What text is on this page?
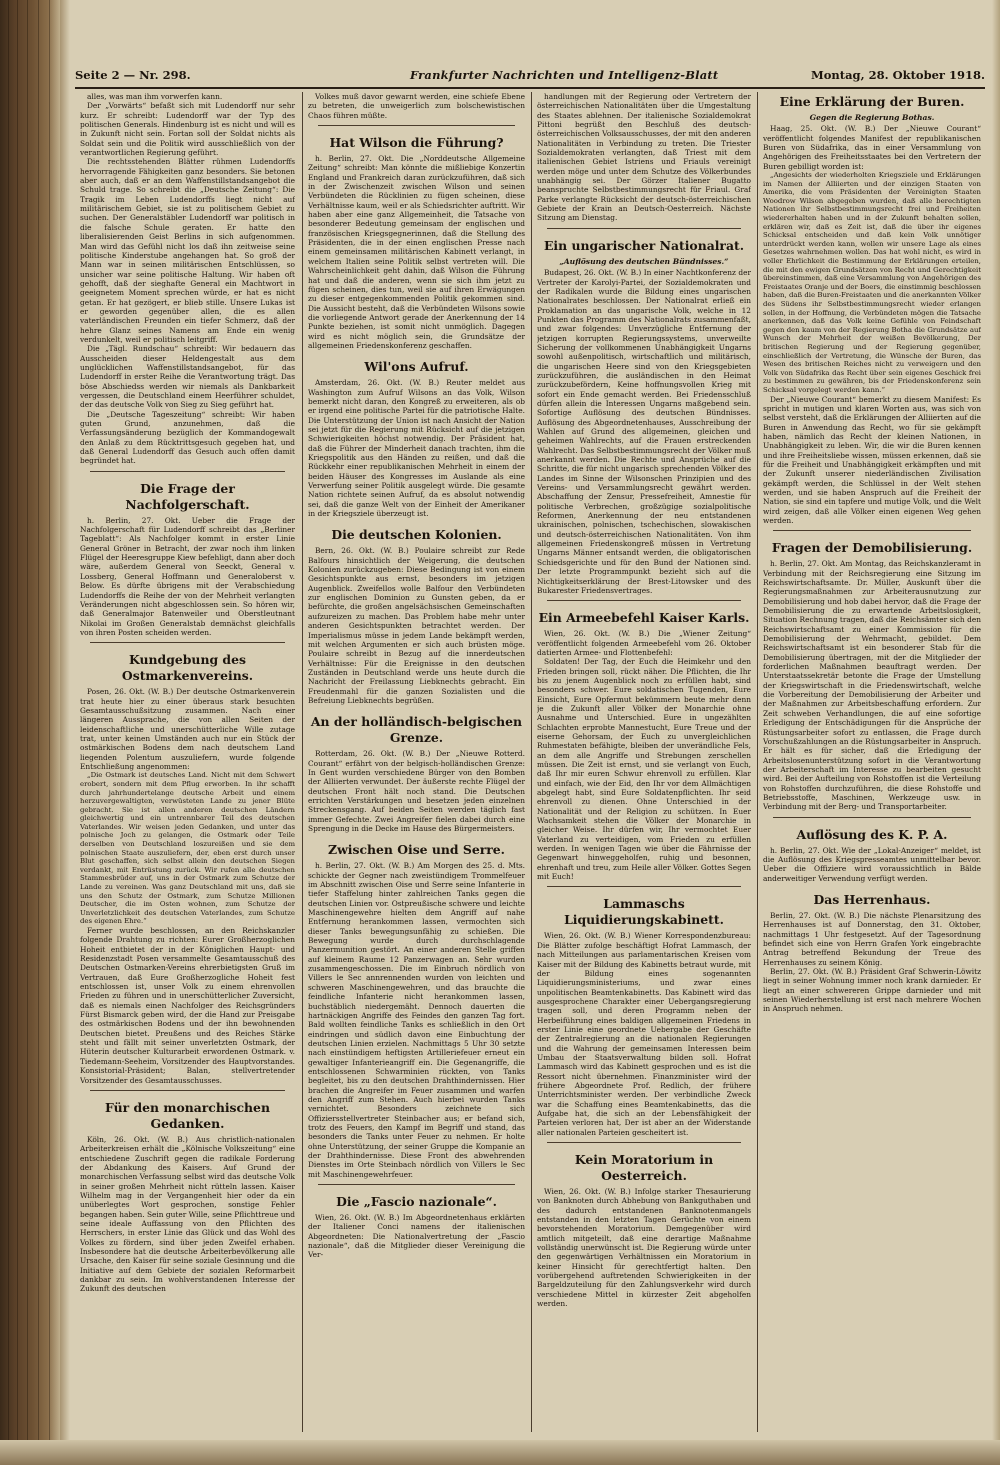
Seite 2 — Nr. 298.	Frankfurter Nachrichten und Intelligenz-Blatt	Montag, 28. Oktober 1918.

alles, was man ihm vorwerfen kann.

Der „Vorwärts“ befaßt sich mit Ludendorff nur sehr kurz. Er schreibt: Ludendorff war der Typ des politischen Generals. Hindenburg ist es nicht und will es in Zukunft nicht sein. Fortan soll der Soldat nichts als Soldat sein und die Politik wird ausschließlich von der verantwortlichen Regierung geführt.

Die rechtsstehenden Blätter rühmen Ludendorffs hervorragende Fähigkeiten ganz besonders. Sie betonen aber auch, daß er an dem Waffenstillstandsangebot die Schuld trage. So schreibt die „Deutsche Zeitung“: Die Tragik im Leben Ludendorffs liegt nicht auf militärischem Gebiet, sie ist zu politischem Gebiet zu suchen. Der Generalstäbler Ludendorff war politisch in die falsche Schule geraten. Er hatte den liberalisierenden Geist Berlins in sich aufgenommen. Man wird das Gefühl nicht los daß ihn zeitweise seine politische Kinderstube angehangen hat. So groß der Mann war in seinen militärischen Entschlüssen, so unsicher war seine politische Haltung. Wir haben oft gehofft, daß der sieghafte General ein Machtwort in geeignetem Moment sprechen würde, er hat es nicht getan. Er hat gezögert, er blieb stille. Unsere Lukas ist er geworden gegenüber allen, die es allen vaterländischen Freunden ein tiefer Schmerz, daß der hehre Glanz seines Namens am Ende ein wenig verdunkelt, weil er politisch leitgriff.

Die „Tägl. Rundschau“ schreibt: Wir bedauern das Ausscheiden dieser Heldengestalt aus dem unglücklichen Waffenstillstandsangebot, für das Ludendorff in erster Reihe die Verantwortung trägt. Das böse Abschiedss werden wir niemals als Dankbarkeit vergessen, die Deutschland einem Heerführer schuldet, der das deutsche Volk von Sieg zu Sieg geführt hat.

Die „Deutsche Tageszeitung“ schreibt: Wir haben guten Grund, anzunehmen, daß die Verfassungsänderung bezüglich der Kommandogewalt den Anlaß zu dem Rücktrittsgesuch gegeben hat, und daß General Ludendorff das Gesuch auch offen damit begründet hat.

Die Frage der Nachfolgerschaft.

h. Berlin, 27. Okt. Ueber die Frage der Nachfolgerschaft für Ludendorff schreibt das „Berliner Tageblatt“: Als Nachfolger kommt in erster Linie General Gröner in Betracht, der zwar noch ihm linken Flügel der Heeresgruppe Kiew befehligt, dann aber doch wäre, außerdem General von Seeckt, General v. Lossberg, General Hoffmann und Generaloberst v. Below. Es dürfte übrigens mit der Verabschiedung Ludendorffs die Reihe der von der Mehrheit verlangten Veränderungen nicht abgeschlossen sein. So hören wir, daß Generalmajor Batenweiler und Oberstleutnant Nikolai im Großen Generalstab demnächst gleichfalls von ihren Posten scheiden werden.

Kundgebung des Ostmarkenvereins.

Posen, 26. Okt. (W. B.) Der deutsche Ostmarkenverein trat heute hier zu einer überaus stark besuchten Gesamtausschußsitzung zusammen. Nach einer längeren Aussprache, die von allen Seiten der leidenschaftliche und unerschütterliche Wille zutage trat, unter keinen Umständen auch nur ein Stück der ostmärkischen Bodens dem nach deutschem Land liegenden Polentum auszuliefern, wurde folgende Entschließung angenommen:

„Die Ostmark ist deutsches Land. Nicht mit dem Schwert erobert, sondern mit dem Pflug erworben. In ihr schafft durch jahrhundertelange deutsche Arbeit und einem herzuvergewaltigten, verwüsteten Lande zu jener Blüte gebracht. Sie ist allen anderen deutschen Ländern gleichwertig und ein untrennbarer Teil des deutschen Vaterlandes. Wir weisen jeden Gedanken, und unter das polnische Joch zu gelangen, die Ostmark oder Teile derselben von Deutschland loszureißen und sie dem polnischen Staate auszuliefern, der, eben erst durch unser Blut geschaffen, sich selbst allein den deutschen Siegen verdankt, mit Entrüstung zurück. Wir rufen alle deutschen Stammesbrüder auf, uns in der Ostmark zum Schutze der Lande zu vereinen. Was ganz Deutschland mit uns, daß sie uns den Schutz der Ostmark, zum Schutze Millionen Deutscher, die im Osten wohnen, zum Schutze der Unverletzlichkeit des deutschen Vaterlandes, zum Schutze des eigenen Ehre.“

Ferner wurde beschlossen, an den Reichskanzler folgende Drahtung zu richten: Eurer Großherzoglichen Hoheit entbietet der in der Königlichen Haupt- und Residenzstadt Posen versammelte Gesamtausschuß des Deutschen Ostmarken-Vereins ehrerbietigsten Gruß im Vertrauen, daß Eure Großherzogliche Hoheit fest entschlossen ist, unser Volk zu einem ehrenvollen Frieden zu führen und in unerschütterlicher Zuversicht, daß es niemals einen Nachfolger des Reichsgründers Fürst Bismarck geben wird, der die Hand zur Preisgabe des ostmärkischen Bodens und der ihn bewohnenden Deutschen bietet. Preußens und des Reiches Stärke steht und fällt mit seiner unverletzten Ostmark, der Hüterin deutscher Kulturarbeit erwordenen Ostmark. v. Tiedemann-Seeheim, Vorsitzender des Hauptvorstandes. Konsistorial-Präsident; Balan, stellvertretender Vorsitzender des Gesamtausschusses.

Für den monarchischen Gedanken.

Köln, 26. Okt. (W. B.) Aus christlich-nationalen Arbeiterkreisen erhält die „Kölnische Volkszeitung“ eine entschiedene Zuschrift gegen die radikale Forderung der Abdankung des Kaisers. Auf Grund der monarchischen Verfassung selbst wird das deutsche Volk in seiner großen Mehrheit nicht rütteln lassen. Kaiser Wilhelm mag in der Vergangenheit hier oder da ein unüberlegtes Wort gesprochen, sonstige Fehler begangen haben. Sein guter Wille, seine Pflichttreue und seine ideale Auffassung von den Pflichten des Herrschers, in erster Linie das Glück und das Wohl des Volkes zu fördern, sind über jeden Zweifel erhaben. Insbesondere hat die deutsche Arbeiterbevölkerung alle Ursache, den Kaiser für seine soziale Gesinnung und die Initiative auf dem Gebiete der sozialen Reformarbeit dankbar zu sein. Im wohlverstandenen Interesse der Zukunft des deutschen

Volkes muß davor gewarnt werden, eine schiefe Ebene zu betreten, die unweigerlich zum bolschewistischen Chaos führen müßte.

Hat Wilson die Führung?

h. Berlin, 27. Okt. Die „Norddeutsche Allgemeine Zeitung“ schreibt: Man könnte die mißliebige Konzertin England und Frankreich daran zurückzuführen, daß sich in der Zwischenzeit zwischen Wilson und seinen Verbündeten die Rücklinien zu fügen scheinen, diese Verhältnisse kaum, weil er als Schiedsrichter auftritt. Wir haben aber eine ganz Allgemeinheit, die Tatsache von besonderer Bedeutung gemeinsam der englischen und französischen Kriegsgegnerinnen, daß die Stellung des Präsidenten, die in der einen englischen Presse nach einem gemeinsamen militärischen Kabinett verlangt, in welchem Italien seine Politik selbst vertreten will. Die Wahrscheinlichkeit geht dahin, daß Wilson die Führung hat und daß die anderen, wenn sie sich ihm jetzt zu fügen scheinen, dies tun, weil sie auf ihren Erwägungen zu dieser entgegenkommenden Politik gekommen sind. Die Aussicht besteht, daß die Verbündeten Wilsons sowie die vorliegende Antwort gerade der Anerkennung der 14 Punkte beziehen, ist somit nicht unmöglich. Dagegen wird es nicht möglich sein, die Grundsätze der allgemeinen Friedenskonferenz geschaffen.

Wil'ons Aufruf.

Amsterdam, 26. Okt. (W. B.) Reuter meldet aus Washington zum Aufruf Wilsons an das Volk, Wilson bemerkt nicht daran, den Kongreß zu erweiteren, als ob er irgend eine politische Partei für die patriotische Halte. Die Unterstützung der Union ist nach Ansicht der Nation sei jetzt für die Regierung mit Rücksicht auf die jetzigen Schwierigkeiten höchst notwendig. Der Präsident hat, daß die Führer der Minderheit danach trachten, ihm die Kriegspolitik aus den Händen zu reißen, und daß die Rückkehr einer republikanischen Mehrheit in einem der beiden Häuser des Kongresses im Auslande als eine Verwerfung seiner Politik ausgelegt würde. Die gesamte Nation richtete seinen Aufruf, da es absolut notwendig sei, daß die ganze Welt von der Einheit der Amerikaner in der Kriegsziele überzeugt ist.

Die deutschen Kolonien.

Bern, 26. Okt. (W. B.) Poulaire schreibt zur Rede Balfours hinsichtlich der Weigerung, die deutschen Kolonien zurückzugeben: Diese Bedingung ist von einem Gesichtspunkte aus ernst, besonders im jetzigen Augenblick. Zweifellos wolle Balfour den Verbündeten zur englischen Dominion zu Gunsten geben, da er befürchte, die großen angelsächsischen Gemeinschaften aufzureizen zu machen. Das Problem habe mehr unter anderen Gesichtspunkten betrachtet werden. Der Imperialismus müsse in jedem Lande bekämpft werden, mit welchen Argumenten er sich auch brüsten möge. Poulaire schreibt in Bezug auf die innerdeutschen Verhältnisse: Für die Ereignisse in den deutschen Zuständen in Deutschland werde uns heute durch die Nachricht der Freilassung Liebknechts gebracht. Ein Freudenmahl für die ganzen Sozialisten und die Befreiung Liebknechts begrüßen.

An der holländisch-belgischen Grenze.

Rotterdam, 26. Okt. (W. B.) Der „Nieuwe Rotterd. Courant“ erfährt von der belgisch-holländischen Grenze: In Gent wurden verschiedene Bürger von den Bomben der Alliierten verwundet. Der äußerste rechte Flügel der deutschen Front hält noch stand. Die Deutschen errichten Verstärkungen und besetzen jeden einzelnen Streckensgang. Auf beiden Seiten werden täglich fast immer Gefechte. Zwei Angreifer fielen dabei durch eine Sprengung in die Decke im Hause des Bürgermeisters.

Zwischen Oise und Serre.

h. Berlin, 27. Okt. (W. B.) Am Morgen des 25. d. Mts. schickte der Gegner nach zweistündigem Trommelfeuer im Abschnitt zwischen Oise und Serre seine Infanterie in tiefer Staffelung hinter zahlreichen Tanks gegen die deutschen Linien vor. Ostpreußische schwere und leichte Maschinengewehre hielten dem Angriff auf nahe Entfernung herankommen lassen, vermochten sich dieser Tanks bewegungsunfähig zu schießen. Die Bewegung wurde durch durchschlagende Panzermunition gestört. An einer anderen Stelle griffen auf kleinem Raume 12 Panzerwagen an. Sehr wurden zusammengeschossen. Die im Einbruch nördlich von Villers le Sec annrennenden wurden von leichten und schweren Maschinengewehren, und das brauchte die feindliche Infanterie nicht herankommen lassen, buchstäblich niedergemäht. Dennoch dauerten die hartnäckigen Angriffe des Feindes den ganzen Tag fort. Bald wollten feindliche Tanks es schließlich in den Ort eindringen und südlich davon eine Einbuchtung der deutschen Linien erzielen. Nachmittags 5 Uhr 30 setzte nach einstündigem heftigsten Artilleriefeuer erneut ein gewaltiger Infanterieangriff ein. Die Gegenangriffe, die entschlossenen Schwarminien rückten, von Tanks begleitet, bis zu den deutschen Drahthindernissen. Hier brachen die Angreifer im Feuer zusammen und warfen den Angriff zum Stehen. Auch hierbei wurden Tanks vernichtet. Besonders zeichnete sich Offiziersstellvertreter Steinbacher aus; er befand sich, trotz des Feuers, den Kampf im Begriff und stand, das besonders die Tanks unter Feuer zu nehmen. Er holte ohne Unterstützung, der seiner Gruppe die Kompanie an der Drahthindernisse. Diese Front des abwehrenden Dienstes im Orte Steinbach nördlich von Villers le Sec mit Maschinengewehrfeuer.

Die „Fascio nazionale“.

Wien, 26. Okt. (W. B.) Im Abgeordnetenhaus erklärten der Italiener Conci namens der italienischen Abgeordneten: Die Nationalvertretung der „Fascio nazionale“, daß die Mitglieder dieser Vereinigung die Ver-

handlungen mit der Regierung oder Vertretern der österreichischen Nationalitäten über die Umgestaltung des Staates ablehnen. Der italienische Sozialdemokrat Pittoni begrüßt den Beschluß des deutsch-österreichischen Volksausschusses, der mit den anderen Nationalitäten in Verbindung zu treten. Die Triester Sozialdemokraten verlangten, daß Triest mit dem italienischen Gebiet Istriens und Friauls vereinigt werden möge und unter dem Schutze des Völkerbundes unabhängig sei. Der Görzer Italiener Bugatto beanspruchte Selbstbestimmungsrecht für Friaul. Graf Parke verlangte Rücksicht der deutsch-österreichischen Gebiete der Krain an Deutsch-Oesterreich. Nächste Sitzung am Dienstag.

Ein ungarischer Nationalrat.
„Auflösung des deutschen Bündnisses.“

Budapest, 26. Okt. (W. B.) In einer Nachtkonferenz der Vertreter der Karolyi-Partei, der Sozialdemokraten und der Radikalen wurde die Bildung eines ungarischen Nationalrates beschlossen. Der Nationalrat erließ ein Proklamation an das ungarische Volk, welche in 12 Punkten das Programm des Nationalrats zusammenfaßt, und zwar folgendes: Unverzügliche Entfernung der jetzigen korrupten Regierungssystems, unverweilte Sicherung der vollkommenen Unabhängigkeit Ungarns sowohl außenpolitisch, wirtschaftlich und militärisch, die ungarischen Heere sind von den Kriegsgebieten zurückzuführen, die ausländischen in den Heimat zurückzubefördern, Keine hoffnungsvollen Krieg mit sofort ein Ende gemacht werden. Bei Friedensschluß dürfen allein die Interessen Ungarns maßgebend sein. Sofortige Auflösung des deutschen Bündnisses. Auflösung des Abgeordnetenhauses, Ausschreibung der Wahlen auf Grund des allgemeinen, gleichen und geheimen Wahlrechts, auf die Frauen erstreckenden Wahlrecht. Das Selbstbestimmungsrecht der Völker muß anerkannt werden. Die Rechte und Ansprüche auf die Schritte, die für nicht ungarisch sprechenden Völker des Landes im Sinne der Wilsonschen Prinzipien und des Vereins- und Versammlungsrecht gewährt werden. Abschaffung der Zensur, Pressefreiheit, Amnestie für politische Verbrechen, großzügige sozialpolitische Reformen, Anerkennung der neu entstandenen ukrainischen, polnischen, tschechischen, slowakischen und deutsch-österreichischen Nationalitäten. Von ihm allgemeinen Friedenskongreß müssen in Vertretung Ungarns Männer entsandt werden, die obligatorischen Schiedsgerichte und für den Bund der Nationen sind. Der letzte Programmpunkt bezieht sich auf die Nichtigkeitserklärung der Brest-Litowsker und des Bukarester Friedensvertrages.

Ein Armeebefehl Kaiser Karls.

Wien, 26. Okt. (W. B.) Die „Wiener Zeitung“ veröffentlicht folgenden Armeebefehl vom 26. Oktober datierten Armee- und Flottenbefehl:

Soldaten! Der Tag, der Euch die Heimkehr und den Frieden bringen soll, rückt näher. Die Pflichten, die Ihr bis zu jenem Augenblick noch zu erfüllen habt, sind besonders schwer. Eure soldatischen Tugenden, Eure Einsicht, Eure Opfermut bekümmern beute mehr denn je die Zukunft aller Völker der Monarchie ohne Ausnahme und Unterschied. Eure in ungezählten Schlachten erprobte Mannestucht, Eure Treue und der eiserne Gehorsam, der Euch zu unvergleichlichen Ruhmestaten befähigte, bleiben der unverändliche Fels, an dem alle Angriffe und Strebungen zerschellen müssen. Die Zeit ist ernst, und sie verlangt von Euch, daß Ihr mir euren Schwur ehrenvoll zu erfüllen. Klar und einfach, wie der Eid, den Ihr vor dem Allmächtigen abgelegt habt, sind Eure Soldatenpflichten. Ihr seid ehrenvoll zu dienen. Ohne Unterschied in der Nationalität und der Religion zu schützen. In Euer Wachsamkeit stehen die Völker der Monarchie in gleicher Weise. Ihr dürfen wir, Ihr vermochtet Euer Vaterland zu verteidigen, vom Frieden zu erfüllen werden. In wenigen Tagen wie über die Fährnisse der Gegenwart hinweggeholfen, ruhig und besonnen, ehrenhaft und treu, zum Heile aller Völker. Gottes Segen mit Euch!

Lammaschs Liquidierungskabinett.

Wien, 26. Okt. (W. B.) Wiener Korrespondenzbureau: Die Blätter zufolge beschäftigt Hofrat Lammasch, der nach Mitteilungen aus parlamentarischen Kreisen vom Kaiser mit der Bildung des Kabinetts betraut wurde, mit der Bildung eines sogenannten Liquidierungsministeriums, und zwar eines unpolitischen Beamtenkabinetts. Das Kabinett wird das ausgesprochene Charakter einer Uebergangsregierung tragen soll, und deren Programm neben der Herbeiführung eines baldigen allgemeinen Friedens in erster Linie eine geordnete Uebergabe der Geschäfte der Zentralregierung an die nationalen Regierungen und die Wahrung der gemeinsamen Interessen beim Umbau der Staatsverwaltung bilden soll. Hofrat Lammasch wird das Kabinett gesprochen und es ist die Ressort nicht übernehmen. Finanzminister wird der frühere Abgeordnete Prof. Redlich, der frühere Unterrichtsminister werden. Der verbindliche Zweck war die Schaffung eines Beamtenkabinetts, das die Aufgabe hat, die sich an der Lebensfähigkeit der Parteien verloren hat, Der ist aber an der Widerstande aller nationalen Parteien gescheitert ist.

Kein Moratorium in Oesterreich.

Wien, 26. Okt. (W. B.) Infolge starker Thesaurierung von Banknoten durch Abhebung von Bankguthaben und des dadurch entstandenen Banknotenmangels entstanden in den letzten Tagen Gerüchte von einem bevorstehenden Moratorium. Demgegenüber wird amtlich mitgeteilt, daß eine derartige Maßnahme vollständig unerwünscht ist. Die Regierung würde unter den gegenwärtigen Verhältnissen ein Moratorium in keiner Hinsicht für gerechtfertigt halten. Den vorübergehend auftretenden Schwierigkeiten in der Bargeldzuteilung für den Zahlungsverkehr wird durch verschiedene Mittel in kürzester Zeit abgeholfen werden.

Eine Erklärung der Buren.
Gegen die Regierung Bothas.

Haag, 25. Okt. (W. B.) Der „Nieuwe Courant“ veröffentlicht folgendes Manifest der republikanischen Buren von Südafrika, das in einer Versammlung von Angehörigen des Freiheitsstaates bei den Vertretern der Buren gebilligt worden ist:

„Angesichts der wiederholten Kriegsziele und Erklärungen im Namen der Alliierten und der einzigen Staaten von Amerika, die vom Präsidenten der Vereinigten Staaten Woodrow Wilson abgegeben wurden, daß alle berechtigten Nationen ihr Selbstbestimmungsrecht frei und Freiheiten wiedererhalten haben und in der Zukunft behalten sollen, erklären wir, daß es Zeit ist, daß die über ihr eigenes Schicksal entscheiden und daß kein Volk unnötiger unterdrückt werden kann, wollen wir unsere Lage als eines Gesetzes wahrnehmen wollen. Das hat wohl nicht, es wird in voller Ehrlichkeit die Bestimmung der Erklärungen erteilen, die mit den ewigen Grundsätzen von Recht und Gerechtigkeit übereinstimmen, daß eine Versammlung von Angehörigen des Freistaates Oranje und der Boers, die einstimmig beschlossen haben, daß die Buren-Freistaaten und die anerkannten Völker des Südens ihr Selbstbestimmungsrecht wieder erlangen sollen, in der Hoffnung, die Verbündeten mögen die Tatsache anerkennen, daß das Volk keine Gefühle von Feindschaft gegen den kaum von der Regierung Botha die Grundsätze auf Wunsch der Mehrheit der weißen Bevölkerung, Der britischen Regierung und der Regierung gegenüber, einschließlich der Vertretung, die Wünsche der Buren, das Wesen des britischen Reiches nicht zu verweigern und den Volk von Südafrika das Recht über sein eigenes Geschick frei zu bestimmen zu gewähren, bis der Friedenskonferenz sein Schicksal vorgelegt werden kann.“

Der „Nieuwe Courant“ bemerkt zu diesem Manifest: Es spricht in mutigen und klaren Worten aus, was sich von selbst versteht, daß die Erklärungen der Alliierten auf die Buren in Anwendung das Recht, wo für sie gekämpft haben, nämlich das Recht der kleinen Nationen, in Unabhängigkeit zu leben. Wir, die wir die Buren kennen und ihre Freiheitsliebe wissen, müssen erkennen, daß sie für die Freiheit und Unabhängigkeit erkämpften und mit der Zukunft unserer niederländischen Zivilisation gekämpft werden, die Schlüssel in der Welt stehen werden, und sie haben Anspruch auf die Freiheit der Nation, sie sind ein tapfere und mutige Volk, und die Welt wird zeigen, daß alle Völker einen eigenen Weg gehen werden.

Fragen der Demobilisierung.

h. Berlin, 27. Okt. Am Montag, das Reichskanzleramt in Verbindung mit der Reichsregierung eine Sitzung im Reichswirtschaftsamte. Dr. Müller, Auskunft über die Regierungsmaßnahmen zur Arbeiterausnutzung zur Demobilisierung und hob dabei hervor, daß die Frage der Demobilisierung die zu erwartende Arbeitslosigkeit, Situation Rechnung tragen, daß die Reichsämter sich den Reichswirtschaftsamt zu einer Kommission für die Demobilisierung der Wehrmacht, gebildet. Dem Reichswirtschaftsamt ist ein besonderer Stab für die Demobilisierung übertragen, mit der die Mitglieder der forderlichen Maßnahmen beauftragt werden. Der Unterstaatssekretär betonte die Frage der Umstellung der Kriegswirtschaft in die Friedenswirtschaft, welche die Vorbereitung der Demobilisierung der Arbeiter und der Maßnahmen zur Arbeitsbeschaffung erfordern. Zur Zeit schweben Verhandlungen, die auf eine sofortige Erledigung der Entschädigungen für die Ansprüche der Rüstungsarbeiter sofort zu entlassen, die Frage durch Vorschußzahlungen an die Rüstungsarbeiter in Anspruch. Er hält es für sicher, daß die Erledigung der Arbeitslosenunterstützung sofort in die Verantwortung der Arbeiterschaft im Interesse zu bearbeiten gesucht wird. Bei der Aufteilung von Rohstoffen ist die Verteilung von Rohstoffen durchzuführen, die diese Rohstoffe und Betriebsstoffe, Maschinen, Werkzeuge usw. in Verbindung mit der Berg- und Transportarbeiter.

Auflösung des K. P. A.

h. Berlin, 27. Okt. Wie der „Lokal-Anzeiger“ meldet, ist die Auflösung des Kriegspresseamtes unmittelbar bevor. Ueber die Offiziere wird voraussichtlich in Bälde anderweitiger Verwendung verfügt werden.

Das Herrenhaus.

Berlin, 27. Okt. (W. B.) Die nächste Plenarsitzung des Herrenhauses ist auf Donnerstag, den 31. Oktober, nachmittags 1 Uhr festgesetzt. Auf der Tagesordnung befindet sich eine von Herrn Grafen York eingebrachte Antrag betreffend Bekundung der Treue des Herrenhauses zu seinem König.

Berlin, 27. Okt. (W. B.) Präsident Graf Schwerin-Löwitz liegt in seiner Wohnung immer noch krank darnieder. Er liegt an einer schwereren Grippe darnieder und mit seinen Wiederherstellung ist erst nach mehrere Wochen in Anspruch nehmen.
